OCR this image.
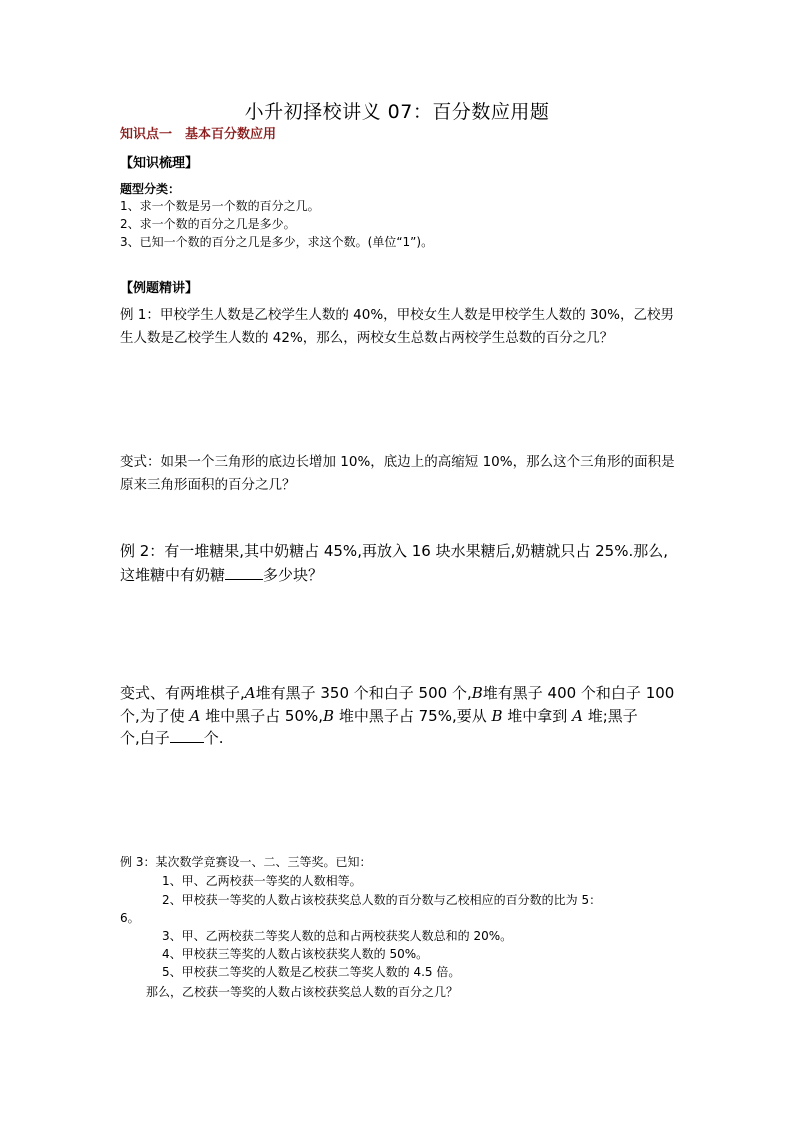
小升初择校讲义 07：百分数应用题
知识点一　基本百分数应用
【知识梳理】
题型分类：
1、求一个数是另一个数的百分之几。
2、求一个数的百分之几是多少。
3、已知一个数的百分之几是多少，求这个数。(单位“1”)。
【例题精讲】
例 1：甲校学生人数是乙校学生人数的 40%，甲校女生人数是甲校学生人数的 30%，乙校男
生人数是乙校学生人数的 42%，那么，两校女生总数占两校学生总数的百分之几？
变式：如果一个三角形的底边长增加 10%，底边上的高缩短 10%，那么这个三角形的面积是
原来三角形面积的百分之几？
例 2：有一堆糖果,其中奶糖占 45%,再放入 16 块水果糖后,奶糖就只占 25%.那么,
这堆糖中有奶糖	多少块？
变式、有两堆棋子,A堆有黑子 350 个和白子 500 个,B堆有黑子 400 个和白子 100
个,为了使 A 堆中黑子占 50%,B 堆中黑子占 75%,要从 B 堆中拿到 A 堆;黑子
个,白子 个.
例 3：某次数学竞赛设一、二、三等奖。已知：
1、甲、乙两校获一等奖的人数相等。
2、甲校获一等奖的人数占该校获奖总人数的百分数与乙校相应的百分数的比为 5：
6。
3、甲、乙两校获二等奖人数的总和占两校获奖人数总和的 20%。
4、甲校获三等奖的人数占该校获奖人数的 50%。
5、甲校获二等奖的人数是乙校获二等奖人数的 4.5 倍。
那么，乙校获一等奖的人数占该校获奖总人数的百分之几？
